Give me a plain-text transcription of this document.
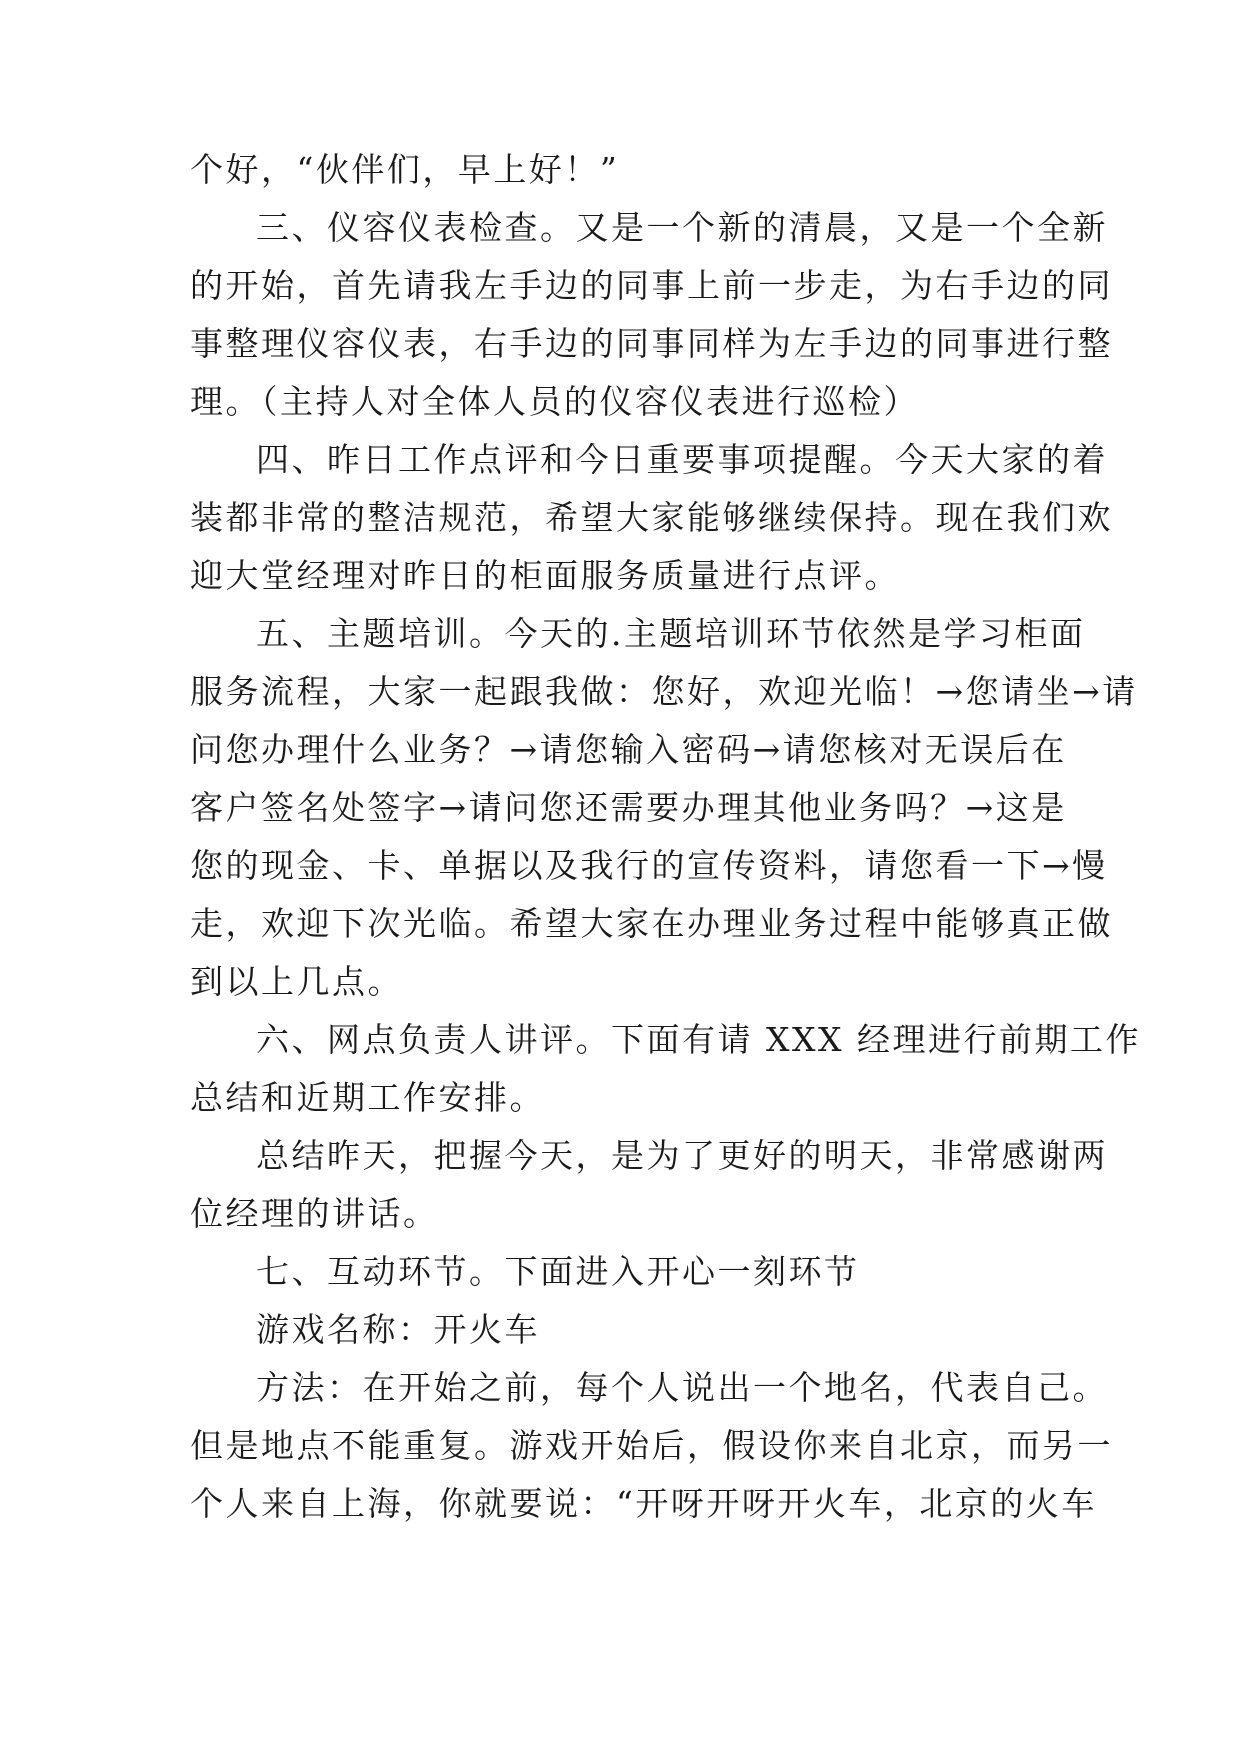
个好，“伙伴们，早上好！”
三、仪容仪表检查。又是一个新的清晨，又是一个全新
的开始，首先请我左手边的同事上前一步走，为右手边的同
事整理仪容仪表，右手边的同事同样为左手边的同事进行整
理。（主持人对全体人员的仪容仪表进行巡检）
四、昨日工作点评和今日重要事项提醒。今天大家的着
装都非常的整洁规范，希望大家能够继续保持。现在我们欢
迎大堂经理对昨日的柜面服务质量进行点评。
五、主题培训。今天的.主题培训环节依然是学习柜面
服务流程，大家一起跟我做：您好，欢迎光临！→您请坐→请
问您办理什么业务？→请您输入密码→请您核对无误后在
客户签名处签字→请问您还需要办理其他业务吗？→这是
您的现金、卡、单据以及我行的宣传资料，请您看一下→慢
走，欢迎下次光临。希望大家在办理业务过程中能够真正做
到以上几点。
六、网点负责人讲评。下面有请 XXX 经理进行前期工作
总结和近期工作安排。
总结昨天，把握今天，是为了更好的明天，非常感谢两
位经理的讲话。
七、互动环节。下面进入开心一刻环节
游戏名称：开火车
方法：在开始之前，每个人说出一个地名，代表自己。
但是地点不能重复。游戏开始后，假设你来自北京，而另一
个人来自上海，你就要说：“开呀开呀开火车，北京的火车
